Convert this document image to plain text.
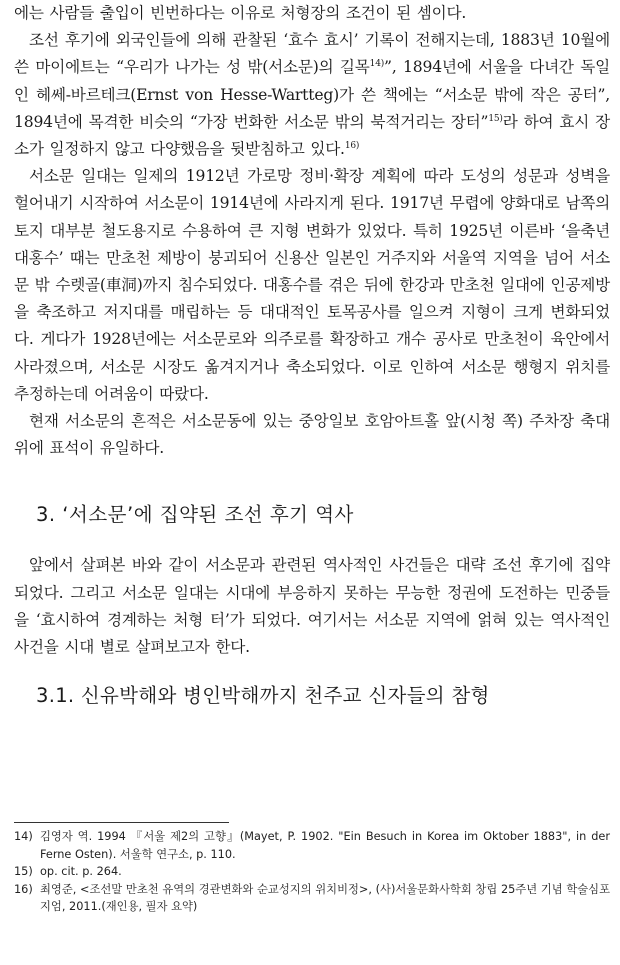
에는 사람들 출입이 빈번하다는 이유로 처형장의 조건이 된 셈이다.

조선 후기에 외국인들에 의해 관찰된 ‘효수 효시’ 기록이 전해지는데, 1883년 10월에 쓴 마이에트는 “우리가 나가는 성 밖(서소문)의 길목$^{14)}$”, 1894년에 서울을 다녀간 독일인 헤쎄-바르테크(Ernst von Hesse-Wartteg)가 쓴 책에는 “서소문 밖에 작은 공터”, 1894년에 목격한 비슷의 “가장 번화한 서소문 밖의 북적거리는 장터”$^{15)}$라 하여 효시 장소가 일정하지 않고 다양했음을 뒷받침하고 있다.$^{16)}$

서소문 일대는 일제의 1912년 가로망 정비·확장 계획에 따라 도성의 성문과 성벽을 헐어내기 시작하여 서소문이 1914년에 사라지게 된다. 1917년 무렵에 양화대로 남쪽의 토지 대부분 철도용지로 수용하여 큰 지형 변화가 있었다. 특히 1925년 이른바 ‘을축년 대홍수’ 때는 만초천 제방이 붕괴되어 신용산 일본인 거주지와 서울역 지역을 넘어 서소문 밖 수렛골(車洞)까지 침수되었다. 대홍수를 겪은 뒤에 한강과 만초천 일대에 인공제방을 축조하고 저지대를 매립하는 등 대대적인 토목공사를 일으켜 지형이 크게 변화되었다. 게다가 1928년에는 서소문로와 의주로를 확장하고 개수 공사로 만초천이 육안에서 사라졌으며, 서소문 시장도 옮겨지거나 축소되었다. 이로 인하여 서소문 행형지 위치를 추정하는데 어려움이 따랐다.

현재 서소문의 흔적은 서소문동에 있는 중앙일보 호암아트홀 앞(시청 쪽) 주차장 축대 위에 표석이 유일하다.

3. ‘서소문’에 집약된 조선 후기 역사

앞에서 살펴본 바와 같이 서소문과 관련된 역사적인 사건들은 대략 조선 후기에 집약되었다. 그리고 서소문 일대는 시대에 부응하지 못하는 무능한 정권에 도전하는 민중들을 ‘효시하여 경계하는 처형 터’가 되었다. 여기서는 서소문 지역에 얽혀 있는 역사적인 사건을 시대 별로 살펴보고자 한다.

3.1. 신유박해와 병인박해까지 천주교 신자들의 참형
14) 김영자 역. 1994 『서울 제2의 고향』(Mayet, P. 1902. "Ein Besuch in Korea im Oktober 1883", in der Ferne Osten). 서울학 연구소, p. 110.
15) op. cit. p. 264.
16) 최영준, <조선말 만초천 유역의 경관변화와 순교성지의 위치비정>, (사)서울문화사학회 창립 25주년 기념 학술심포지엄, 2011.(재인용, 필자 요약)
